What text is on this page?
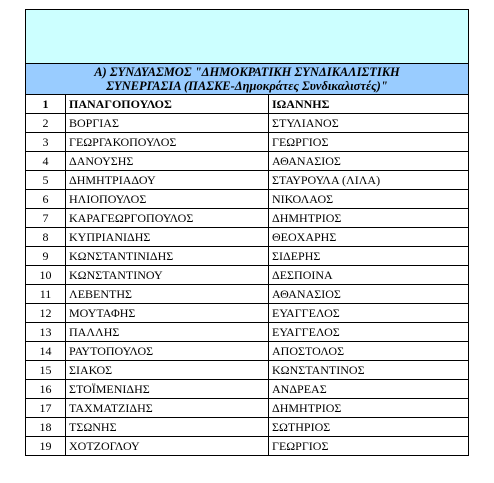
Α) ΣΥΝΔΥΑΣΜΟΣ "ΔΗΜΟΚΡΑΤΙΚΗ ΣΥΝΔΙΚΑΛΙΣΤΙΚΗ
ΣΥΝΕΡΓΑΣΙΑ (ΠΑΣΚΕ-Δημοκράτες Συνδικαλιστές)"		
1	ΠΑΝΑΓΟΠΟΥΛΟΣ	ΙΩΑΝΝΗΣ
2	ΒΟΡΓΙΑΣ	ΣΤΥΛΙΑΝΟΣ
3	ΓΕΩΡΓΑΚΟΠΟΥΛΟΣ	ΓΕΩΡΓΙΟΣ
4	ΔΑΝΟΥΣΗΣ	ΑΘΑΝΑΣΙΟΣ
5	ΔΗΜΗΤΡΙΑΔΟΥ	ΣΤΑΥΡΟΥΛΑ (ΛΙΛΑ)
6	ΗΛΙΟΠΟΥΛΟΣ	ΝΙΚΟΛΑΟΣ
7	ΚΑΡΑΓΕΩΡΓΟΠΟΥΛΟΣ	ΔΗΜΗΤΡΙΟΣ
8	ΚΥΠΡΙΑΝΙΔΗΣ	ΘΕΟΧΑΡΗΣ
9	ΚΩΝΣΤΑΝΤΙΝΙΔΗΣ	ΣΙΔΕΡΗΣ
10	ΚΩΝΣΤΑΝΤΙΝΟΥ	ΔΕΣΠΟΙΝΑ
11	ΛΕΒΕΝΤΗΣ	ΑΘΑΝΑΣΙΟΣ
12	ΜΟΥΤΑΦΗΣ	ΕΥΑΓΓΕΛΟΣ
13	ΠΑΛΛΗΣ	ΕΥΑΓΓΕΛΟΣ
14	ΡΑΥΤΟΠΟΥΛΟΣ	ΑΠΟΣΤΟΛΟΣ
15	ΣΙΑΚΟΣ	ΚΩΝΣΤΑΝΤΙΝΟΣ
16	ΣΤΟΪΜΕΝΙΔΗΣ	ΑΝΔΡΕΑΣ
17	ΤΑΧΜΑΤΖΙΔΗΣ	ΔΗΜΗΤΡΙΟΣ
18	ΤΣΩΝΗΣ	ΣΩΤΗΡΙΟΣ
19	ΧΟΤΖΟΓΛΟΥ	ΓΕΩΡΓΙΟΣ
